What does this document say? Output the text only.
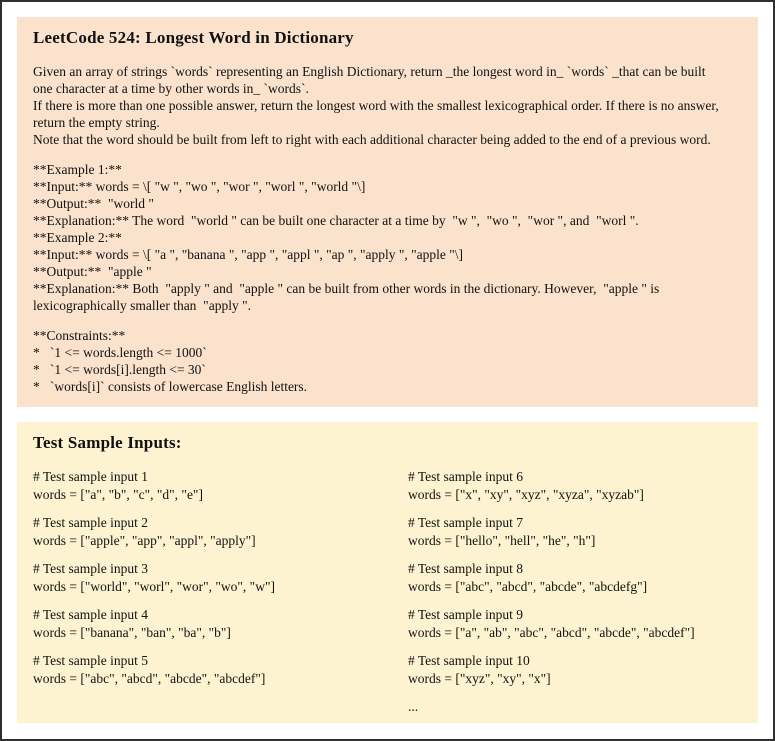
LeetCode 524: Longest Word in Dictionary
Given an array of strings `words` representing an English Dictionary, return _the longest word in_ `words` _that can be built
one character at a time by other words in_ `words`.
If there is more than one possible answer, return the longest word with the smallest lexicographical order. If there is no answer,
return the empty string.
Note that the word should be built from left to right with each additional character being added to the end of a previous word.
**Example 1:**
**Input:** words = \[ "w ", "wo ", "wor ", "worl ", "world "\]
**Output:**  "world "
**Explanation:** The word  "world " can be built one character at a time by  "w ",  "wo ",  "wor ", and  "worl ".
**Example 2:**
**Input:** words = \[ "a ", "banana ", "app ", "appl ", "ap ", "apply ", "apple "\]
**Output:**  "apple "
**Explanation:** Both  "apply " and  "apple " can be built from other words in the dictionary. However,  "apple " is
lexicographically smaller than  "apply ".
**Constraints:**
*   `1 <= words.length <= 1000`
*   `1 <= words[i].length <= 30`
*   `words[i]` consists of lowercase English letters.
Test Sample Inputs:
# Test sample input 1
words = ["a", "b", "c", "d", "e"]
# Test sample input 2
words = ["apple", "app", "appl", "apply"]
# Test sample input 3
words = ["world", "worl", "wor", "wo", "w"]
# Test sample input 4
words = ["banana", "ban", "ba", "b"]
# Test sample input 5
words = ["abc", "abcd", "abcde", "abcdef"]
# Test sample input 6
words = ["x", "xy", "xyz", "xyza", "xyzab"]
# Test sample input 7
words = ["hello", "hell", "he", "h"]
# Test sample input 8
words = ["abc", "abcd", "abcde", "abcdefg"]
# Test sample input 9
words = ["a", "ab", "abc", "abcd", "abcde", "abcdef"]
# Test sample input 10
words = ["xyz", "xy", "x"]
...
